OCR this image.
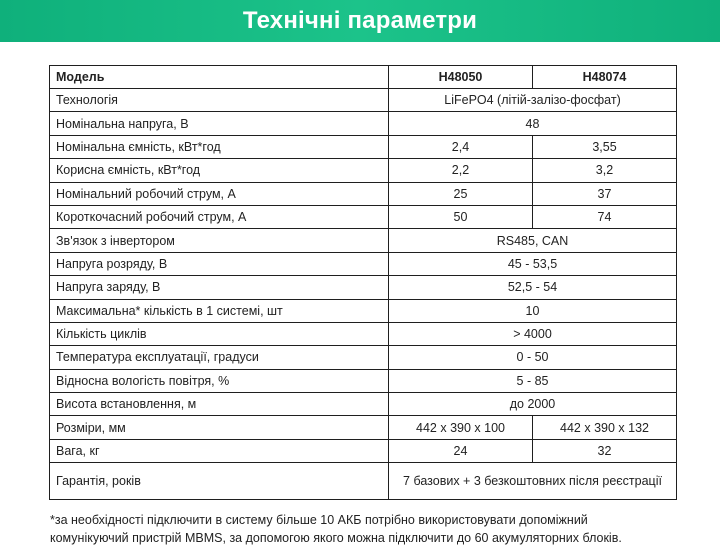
Технічні параметри
Модель	H48050	H48074
Технологія	LiFePO4 (літій-залізо-фосфат)	
Номінальна напруга, В	48	
Номінальна ємність, кВт*год	2,4	3,55
Корисна ємність, кВт*год	2,2	3,2
Номінальний робочий струм, А	25	37
Короткочасний робочий струм, А	50	74
Зв'язок з інвертором	RS485, CAN	
Напруга розряду, В	45 - 53,5	
Напруга заряду, В	52,5 - 54	
Максимальна* кількість в 1 системі, шт	10	
Кількість циклів	> 4000	
Температура експлуатації, градуси	0 - 50	
Відносна вологість повітря, %	5 - 85	
Висота встановлення, м	до 2000	
Розміри, мм	442 x 390 x 100	442 x 390 x 132
Вага, кг	24	32
Гарантія, років	7 базових + 3 безкоштовних після реєстрації	
*за необхідності підключити в систему більше 10 АКБ потрібно використовувати допоміжний
комунікуючий пристрій MBMS, за допомогою якого можна підключити до 60 акумуляторних блоків.
